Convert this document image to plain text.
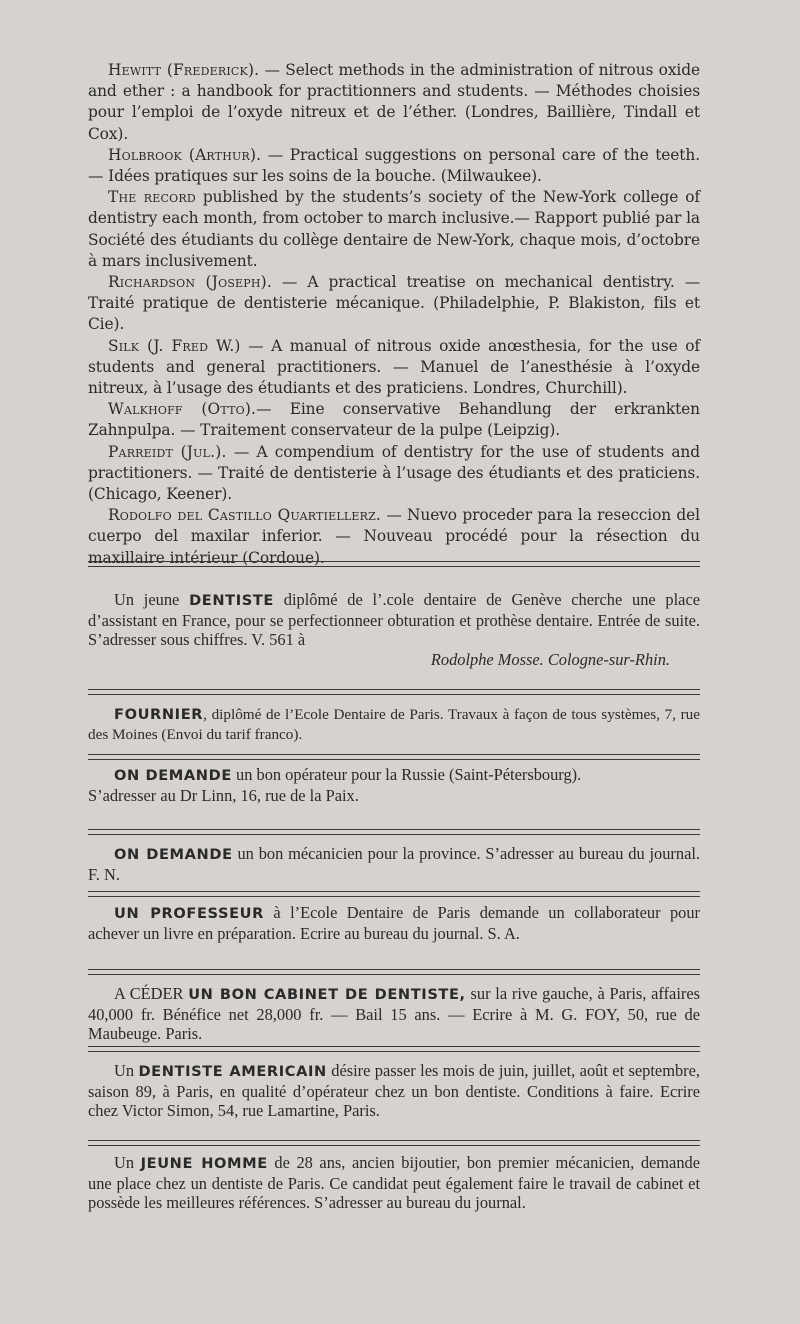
Hewitt (Frederick). — Select methods in the administration of nitrous oxide and ether : a handbook for practitionners and students. — Méthodes choisies pour l’emploi de l’oxyde nitreux et de l’éther. (Londres, Baillière, Tindall et Cox).

Holbrook (Arthur). — Practical suggestions on personal care of the teeth. — Idées pratiques sur les soins de la bouche. (Milwaukee).

The record published by the students’s society of the New-York college of dentistry each month, from october to march inclusive.— Rapport publié par la Société des étudiants du collège dentaire de New-York, chaque mois, d’octobre à mars inclusivement.

Richardson (Joseph). — A practical treatise on mechanical dentistry. — Traité pratique de dentisterie mécanique. (Philadelphie, P. Blakiston, fils et Cie).

Silk (J. Fred W.) — A manual of nitrous oxide anœsthesia, for the use of students and general practitioners. — Manuel de l’anesthésie à l’oxyde nitreux, à l’usage des étudiants et des praticiens. Londres, Churchill).

Walkhoff (Otto).— Eine conservative Behandlung der erkrankten Zahnpulpa. — Traitement conservateur de la pulpe (Leipzig).

Parreidt (Jul.). — A compendium of dentistry for the use of students and practitioners. — Traité de dentisterie à l’usage des étudiants et des praticiens. (Chicago, Keener).

Rodolfo del Castillo Quartiellerz. — Nuevo proceder para la reseccion del cuerpo del maxilar inferior. — Nouveau procédé pour la résection du maxillaire intérieur (Cordoue).

Un jeune DENTISTE diplômé de l’.cole dentaire de Genève cherche une place d’assistant en France, pour se perfectionneer obturation et prothèse dentaire. Entrée de suite. S’adresser sous chiffres. V. 561 à
Rodolphe Mosse. Cologne-sur-Rhin.

FOURNIER, diplômé de l’Ecole Dentaire de Paris. Travaux à façon de tous systèmes, 7, rue des Moines (Envoi du tarif franco).

ON DEMANDE un bon opérateur pour la Russie (Saint-Pétersbourg).
S’adresser au Dr Linn, 16, rue de la Paix.

ON DEMANDE un bon mécanicien pour la province. S’adresser au bureau du journal. F. N.

UN PROFESSEUR à l’Ecole Dentaire de Paris demande un collaborateur pour achever un livre en préparation. Ecrire au bureau du journal. S. A.

A CÉDER UN BON CABINET DE DENTISTE, sur la rive gauche, à Paris, affaires 40,000 fr. Bénéfice net 28,000 fr. — Bail 15 ans. — Ecrire à M. G. FOY, 50, rue de Maubeuge. Paris.

Un DENTISTE AMERICAIN désire passer les mois de juin, juillet, août et septembre, saison 89, à Paris, en qualité d’opérateur chez un bon dentiste. Conditions à faire. Ecrire chez Victor Simon, 54, rue Lamartine, Paris.

Un JEUNE HOMME de 28 ans, ancien bijoutier, bon premier mécanicien, demande une place chez un dentiste de Paris. Ce candidat peut également faire le travail de cabinet et possède les meilleures références. S’adresser au bureau du journal.
